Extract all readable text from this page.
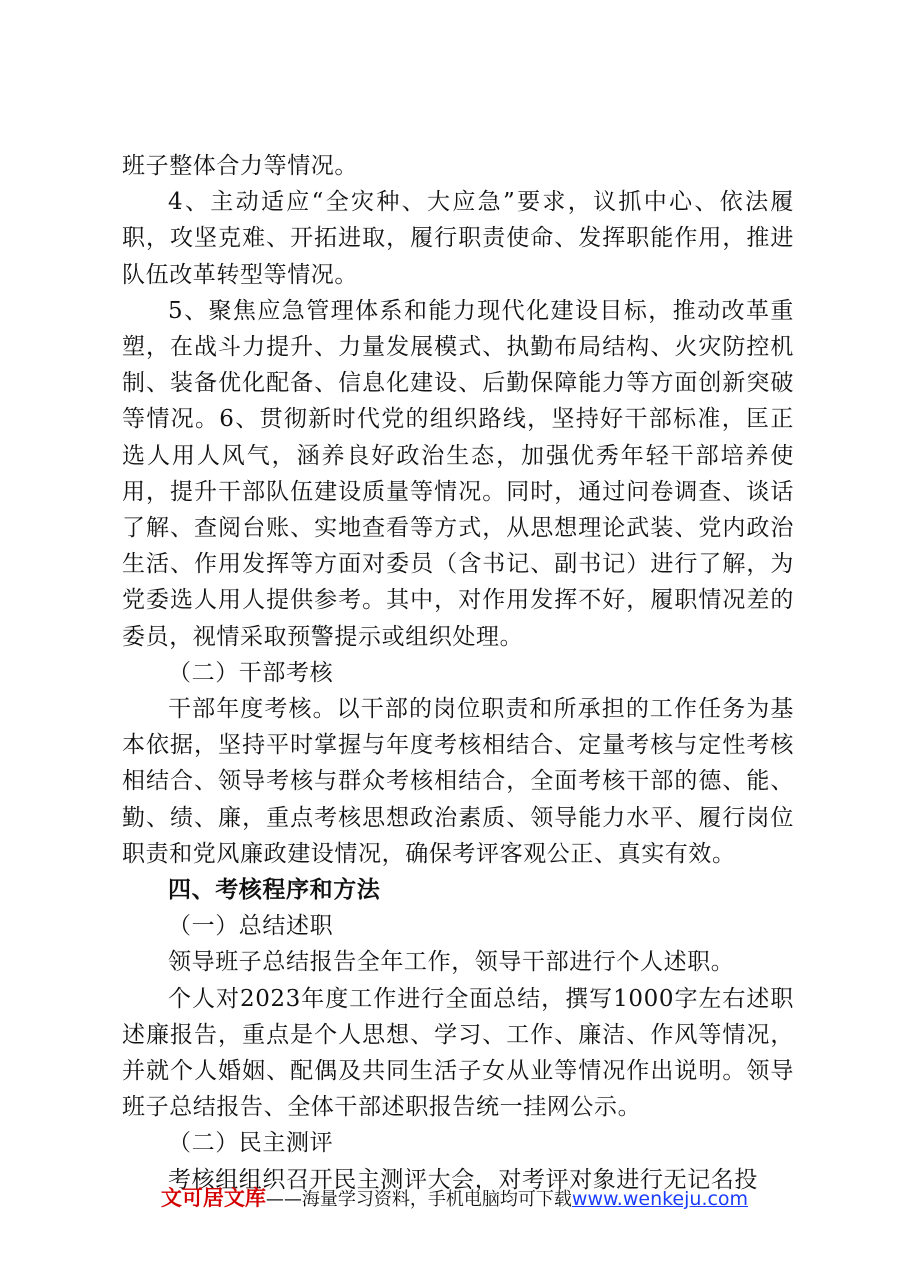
班子整体合力等情况。

4、主动适应“全灾种、大应急”要求，议抓中心、依法履职，攻坚克难、开拓进取，履行职责使命、发挥职能作用，推进队伍改革转型等情况。

5、聚焦应急管理体系和能力现代化建设目标，推动改革重塑，在战斗力提升、力量发展模式、执勤布局结构、火灾防控机制、装备优化配备、信息化建设、后勤保障能力等方面创新突破等情况。6、贯彻新时代党的组织路线，坚持好干部标准，匡正选人用人风气，涵养良好政治生态，加强优秀年轻干部培养使用，提升干部队伍建设质量等情况。同时，通过问卷调查、谈话了解、查阅台账、实地查看等方式，从思想理论武装、党内政治生活、作用发挥等方面对委员（含书记、副书记）进行了解，为党委选人用人提供参考。其中，对作用发挥不好，履职情况差的委员，视情采取预警提示或组织处理。

（二）干部考核

干部年度考核。以干部的岗位职责和所承担的工作任务为基本依据，坚持平时掌握与年度考核相结合、定量考核与定性考核相结合、领导考核与群众考核相结合，全面考核干部的德、能、勤、绩、廉，重点考核思想政治素质、领导能力水平、履行岗位职责和党风廉政建设情况，确保考评客观公正、真实有效。

四、考核程序和方法

（一）总结述职

领导班子总结报告全年工作，领导干部进行个人述职。

个人对2023年度工作进行全面总结，撰写1000字左右述职述廉报告，重点是个人思想、学习、工作、廉洁、作风等情况，并就个人婚姻、配偶及共同生活子女从业等情况作出说明。领导班子总结报告、全体干部述职报告统一挂网公示。

（二）民主测评

考核组组织召开民主测评大会，对考评对象进行无记名投

文可居文库——海量学习资料，手机电脑均可下载www.wenkeju.com
